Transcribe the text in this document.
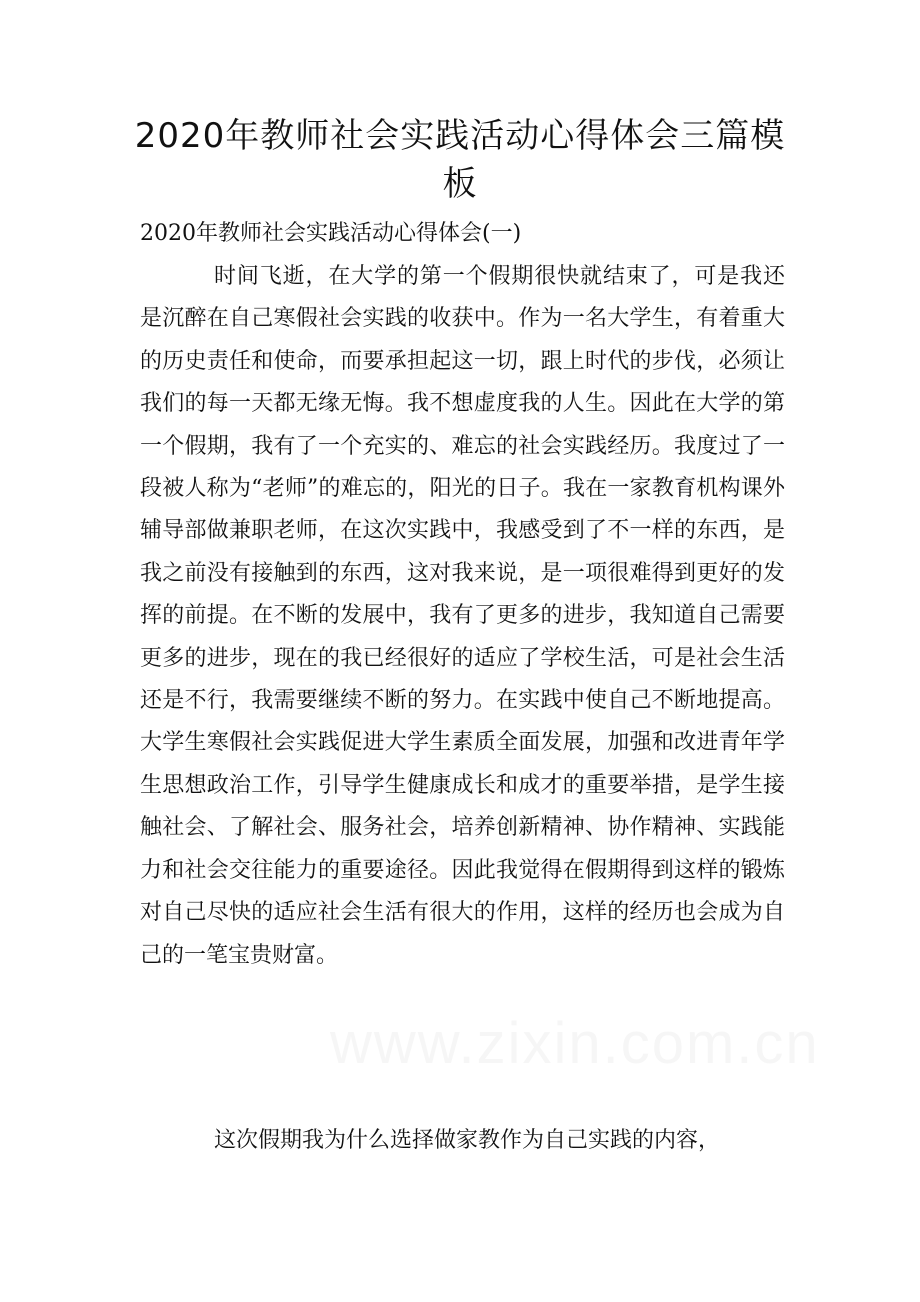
2020年教师社会实践活动心得体会三篇模板
2020年教师社会实践活动心得体会(一)

时间飞逝，在大学的第一个假期很快就结束了，可是我还是沉醉在自己寒假社会实践的收获中。作为一名大学生，有着重大的历史责任和使命，而要承担起这一切，跟上时代的步伐，必须让我们的每一天都无缘无悔。我不想虚度我的人生。因此在大学的第一个假期，我有了一个充实的、难忘的社会实践经历。我度过了一段被人称为“老师”的难忘的，阳光的日子。我在一家教育机构课外辅导部做兼职老师，在这次实践中，我感受到了不一样的东西，是我之前没有接触到的东西，这对我来说，是一项很难得到更好的发挥的前提。在不断的发展中，我有了更多的进步，我知道自己需要更多的进步，现在的我已经很好的适应了学校生活，可是社会生活还是不行，我需要继续不断的努力。在实践中使自己不断地提高。大学生寒假社会实践促进大学生素质全面发展，加强和改进青年学生思想政治工作，引导学生健康成长和成才的重要举措，是学生接触社会、了解社会、服务社会，培养创新精神、协作精神、实践能力和社会交往能力的重要途径。因此我觉得在假期得到这样的锻炼对自己尽快的适应社会生活有很大的作用，这样的经历也会成为自己的一笔宝贵财富。

www.zixin.com.cn

这次假期我为什么选择做家教作为自己实践的内容，
